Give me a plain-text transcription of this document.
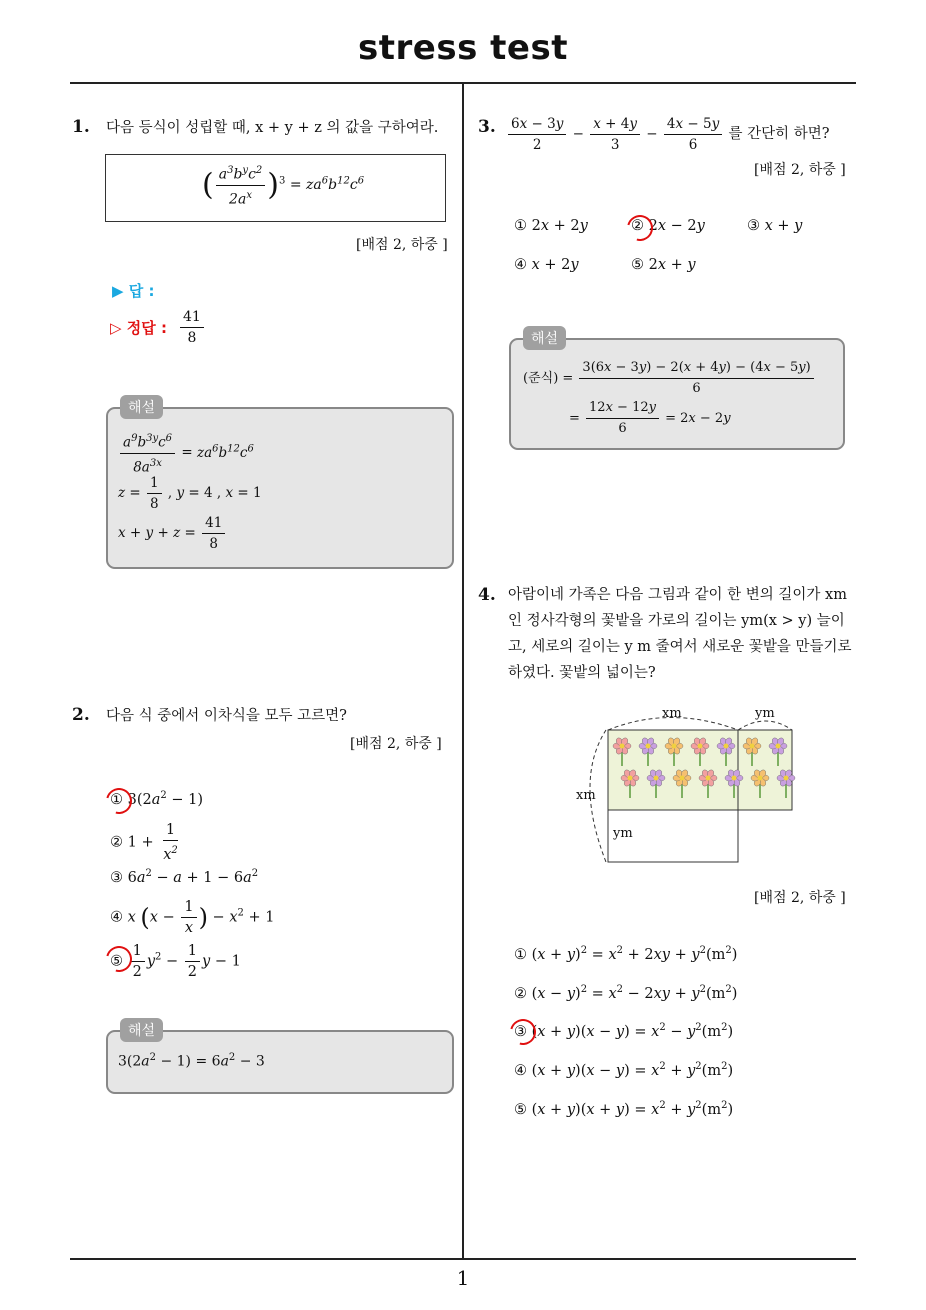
stress test
1
1. 다음 등식이 성립할 때, x + y + z 의 값을 구하여라.
( $\frac{a^3b^yc^2}{2a^x} )^3 = za^6b^{12}c^6$
[배점 2, 하중 ]
▶ 답 :
▷ 정답 : $\frac{41}{8}$
해설
$\frac{a^9b^{3y}c^6}{8a^{3x}} = za^6b^{12}c^6$
$z = \frac{1}{8}$ , y = 4 , x = 1
$x + y + z = \frac{41}{8}$
2. 다음 식 중에서 이차식을 모두 고르면?
[배점 2, 하중 ]
① $3(2a^2 - 1)$
② $1 + \frac{1}{x^2}$
③ $6a^2 - a + 1 - 6a^2$
④ x ($x - \frac{1}{x}$ ) − $x^2 + 1$
⑤ $\frac{1}{2} y^2 - \frac{1}{2}$ y − 1
해설
$3(2a^2 - 1) = 6a^2 - 3$
3. $\frac{6x - 3y}{2} - \frac{x + 4y}{3} - \frac{4x - 5y}{6}$ 를 간단히 하면?
[배점 2, 하중 ]
① 2x + 2y	② 2x − 2y	③ x + y
④ x + 2y	⑤ 2x + y
해설
(준식) = $\frac{3(6x - 3y) - 2(x + 4y) - (4x - 5y)}{6}$
= $\frac{12x - 12y}{6} = 2x - 2y$
4. 아람이네 가족은 다음 그림과 같이 한 변의 길이가 xm
인 정사각형의 꽃밭을 가로의 길이는 ym(x > y) 늘이
고, 세로의 길이는 y m 줄여서 새로운 꽃밭을 만들기로
하였다. 꽃밭의 넓이는?
xm	ym
xm
ym
[배점 2, 하중 ]
① $(x + y)^2 = x^2 + 2xy + y^2(m^2)$
② $(x - y)^2 = x^2 - 2xy + y^2(m^2)$
③ $(x + y)(x - y) = x^2 - y^2(m^2)$
④ $(x + y)(x - y) = x^2 + y^2(m^2)$
⑤ $(x + y)(x + y) = x^2 + y^2(m^2)$
